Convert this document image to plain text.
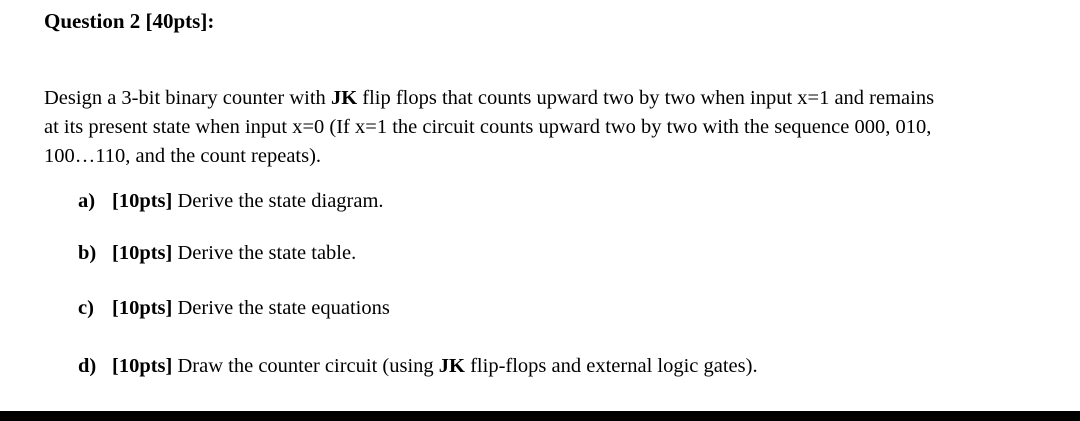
Question 2 [40pts]:
Design a 3-bit binary counter with JK flip flops that counts upward two by two when input x=1 and remains
at its present state when input x=0 (If x=1 the circuit counts upward two by two with the sequence 000, 010,
100…110, and the count repeats).
a) [10pts] Derive the state diagram.
b) [10pts] Derive the state table.
c) [10pts] Derive the state equations
d) [10pts] Draw the counter circuit (using JK flip-flops and external logic gates).
